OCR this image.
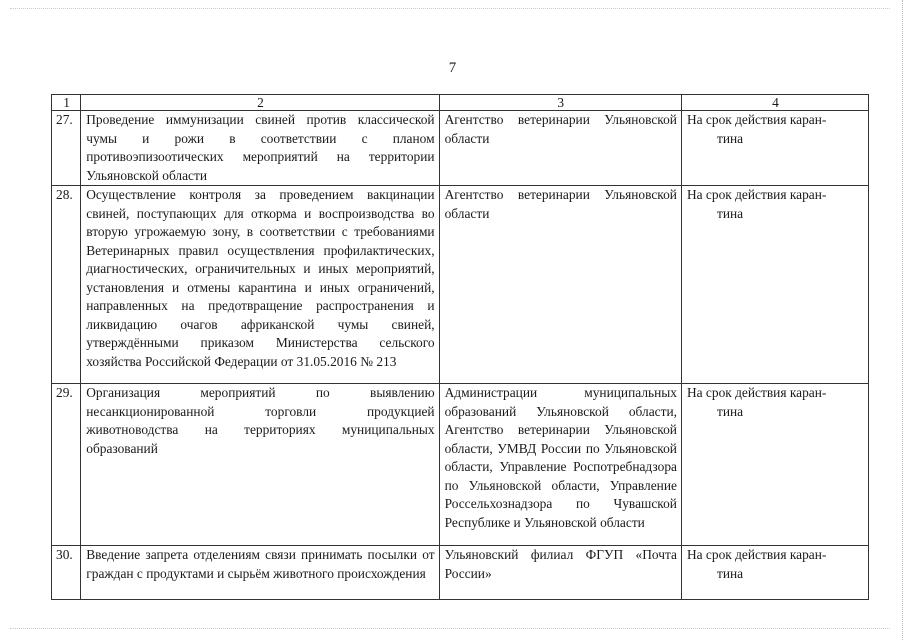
7
1	2	3	4
27.	Проведение иммунизации свиней против классической чумы и рожи в соответствии с планом противоэпизоотических мероприятий на территории Ульяновской области	Агентство ветеринарии Ульяновской области	На срок действия каран-
тина

28.	Осуществление контроля за проведением вакцинации свиней, поступающих для откорма и воспроизводства во вторую угрожаемую зону, в соответствии с требованиями Ветеринарных правил осуществления профилактических, диагностических, ограничительных и иных мероприятий, установления и отмены карантина и иных ограничений, направленных на предотвращение распространения и ликвидацию очагов африканской чумы свиней, утверждёнными приказом Министерства сельского хозяйства Российской Федерации от 31.05.2016 № 213	Агентство ветеринарии Ульяновской области	На срок действия каран-
тина

29.	Организация мероприятий по выявлению несанкционированной торговли продукцией животноводства на территориях муниципальных образований	Администрации муниципальных образований Ульяновской области, Агентство ветеринарии Ульяновской области, УМВД России по Ульяновской области, Управление Роспотребнадзора по Ульяновской области, Управление Россельхознадзора по Чувашской Республике и Ульяновской области	На срок действия каран-
тина

30.	Введение запрета отделениям связи принимать посылки от граждан с продуктами и сырьём животного происхождения	Ульяновский филиал ФГУП «Почта России»	На срок действия каран-
тина
